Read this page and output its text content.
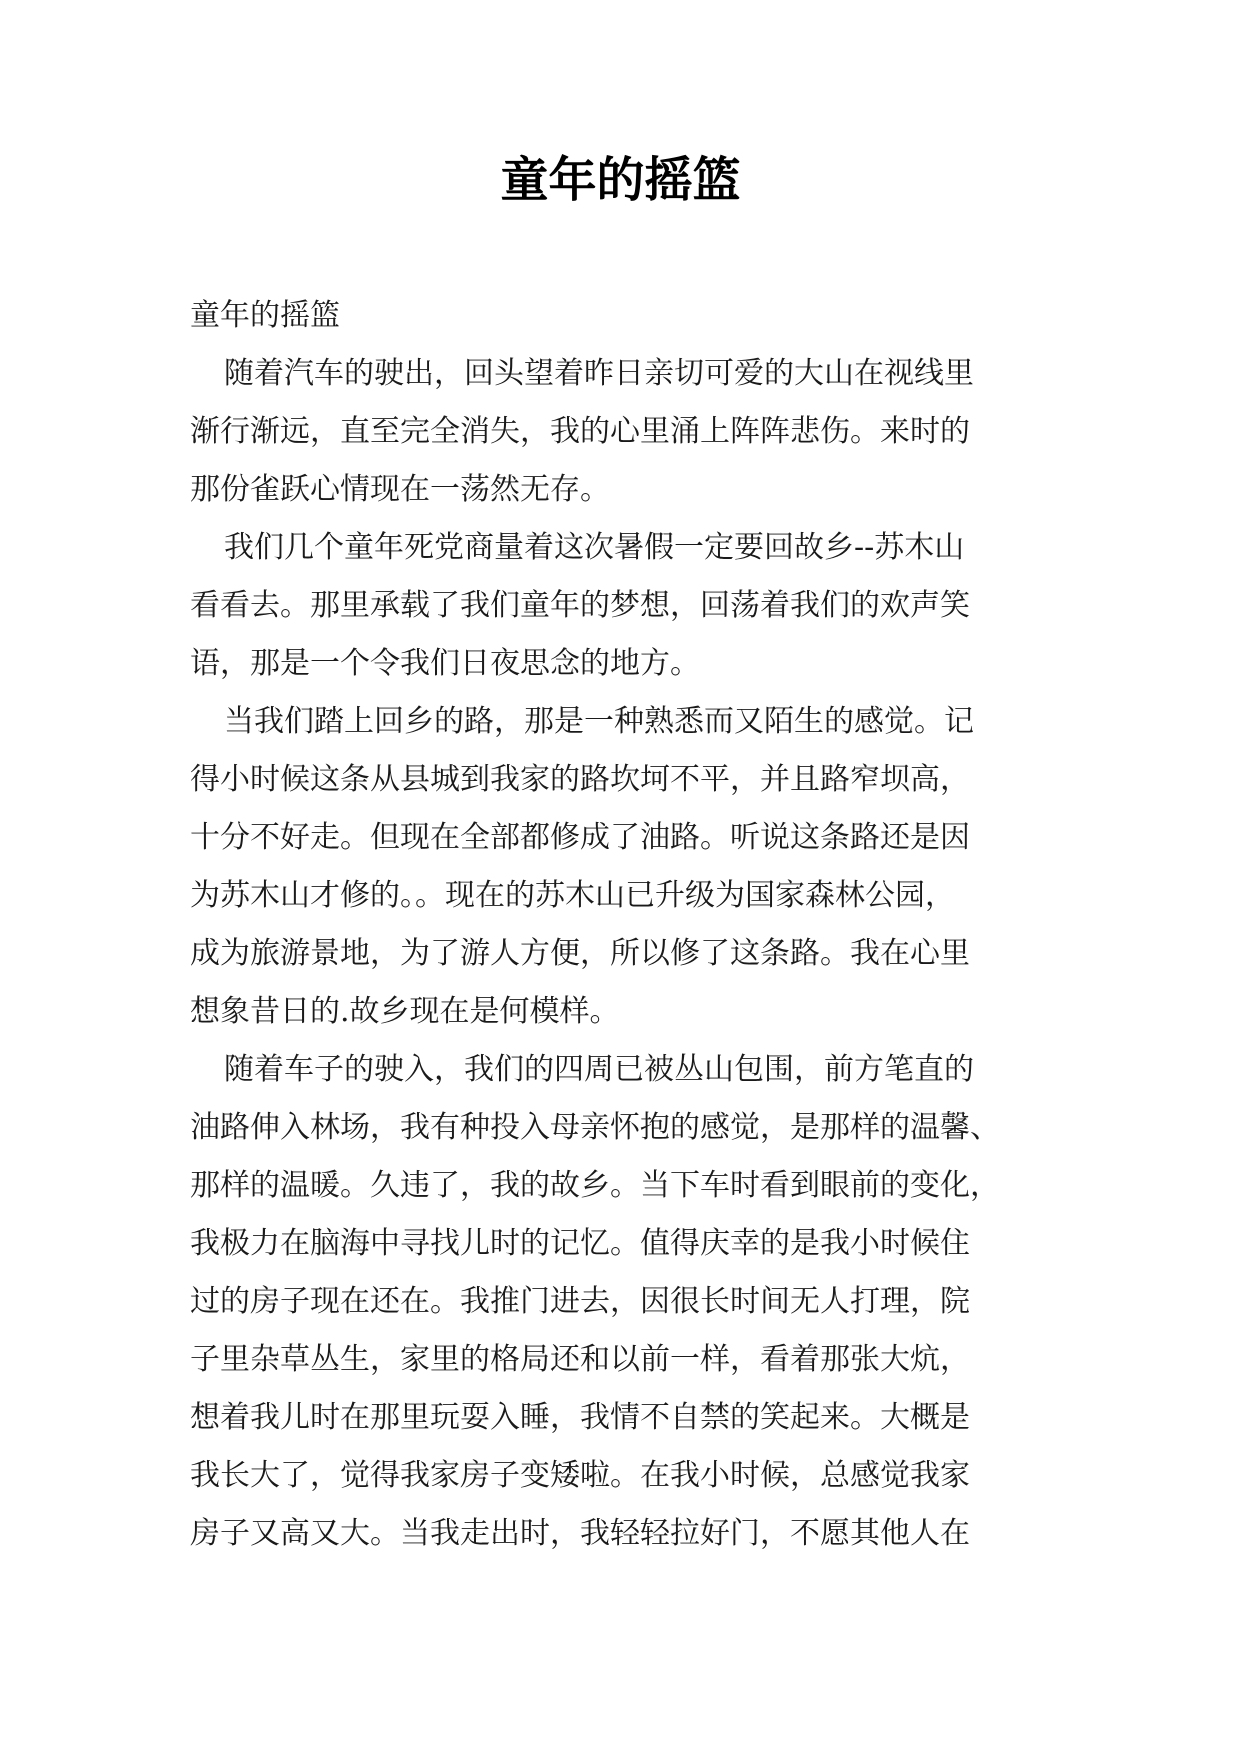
童年的摇篮
童年的摇篮
随着汽车的驶出，回头望着昨日亲切可爱的大山在视线里
渐行渐远，直至完全消失，我的心里涌上阵阵悲伤。来时的
那份雀跃心情现在一荡然无存。
我们几个童年死党商量着这次暑假一定要回故乡--苏木山
看看去。那里承载了我们童年的梦想，回荡着我们的欢声笑
语，那是一个令我们日夜思念的地方。
当我们踏上回乡的路，那是一种熟悉而又陌生的感觉。记
得小时候这条从县城到我家的路坎坷不平，并且路窄坝高，
十分不好走。但现在全部都修成了油路。听说这条路还是因
为苏木山才修的。。现在的苏木山已升级为国家森林公园，
成为旅游景地，为了游人方便，所以修了这条路。我在心里
想象昔日的.故乡现在是何模样。
随着车子的驶入，我们的四周已被丛山包围，前方笔直的
油路伸入林场，我有种投入母亲怀抱的感觉，是那样的温馨、
那样的温暖。久违了，我的故乡。当下车时看到眼前的变化，
我极力在脑海中寻找儿时的记忆。值得庆幸的是我小时候住
过的房子现在还在。我推门进去，因很长时间无人打理，院
子里杂草丛生，家里的格局还和以前一样，看着那张大炕，
想着我儿时在那里玩耍入睡，我情不自禁的笑起来。大概是
我长大了，觉得我家房子变矮啦。在我小时候，总感觉我家
房子又高又大。当我走出时，我轻轻拉好门，不愿其他人在
